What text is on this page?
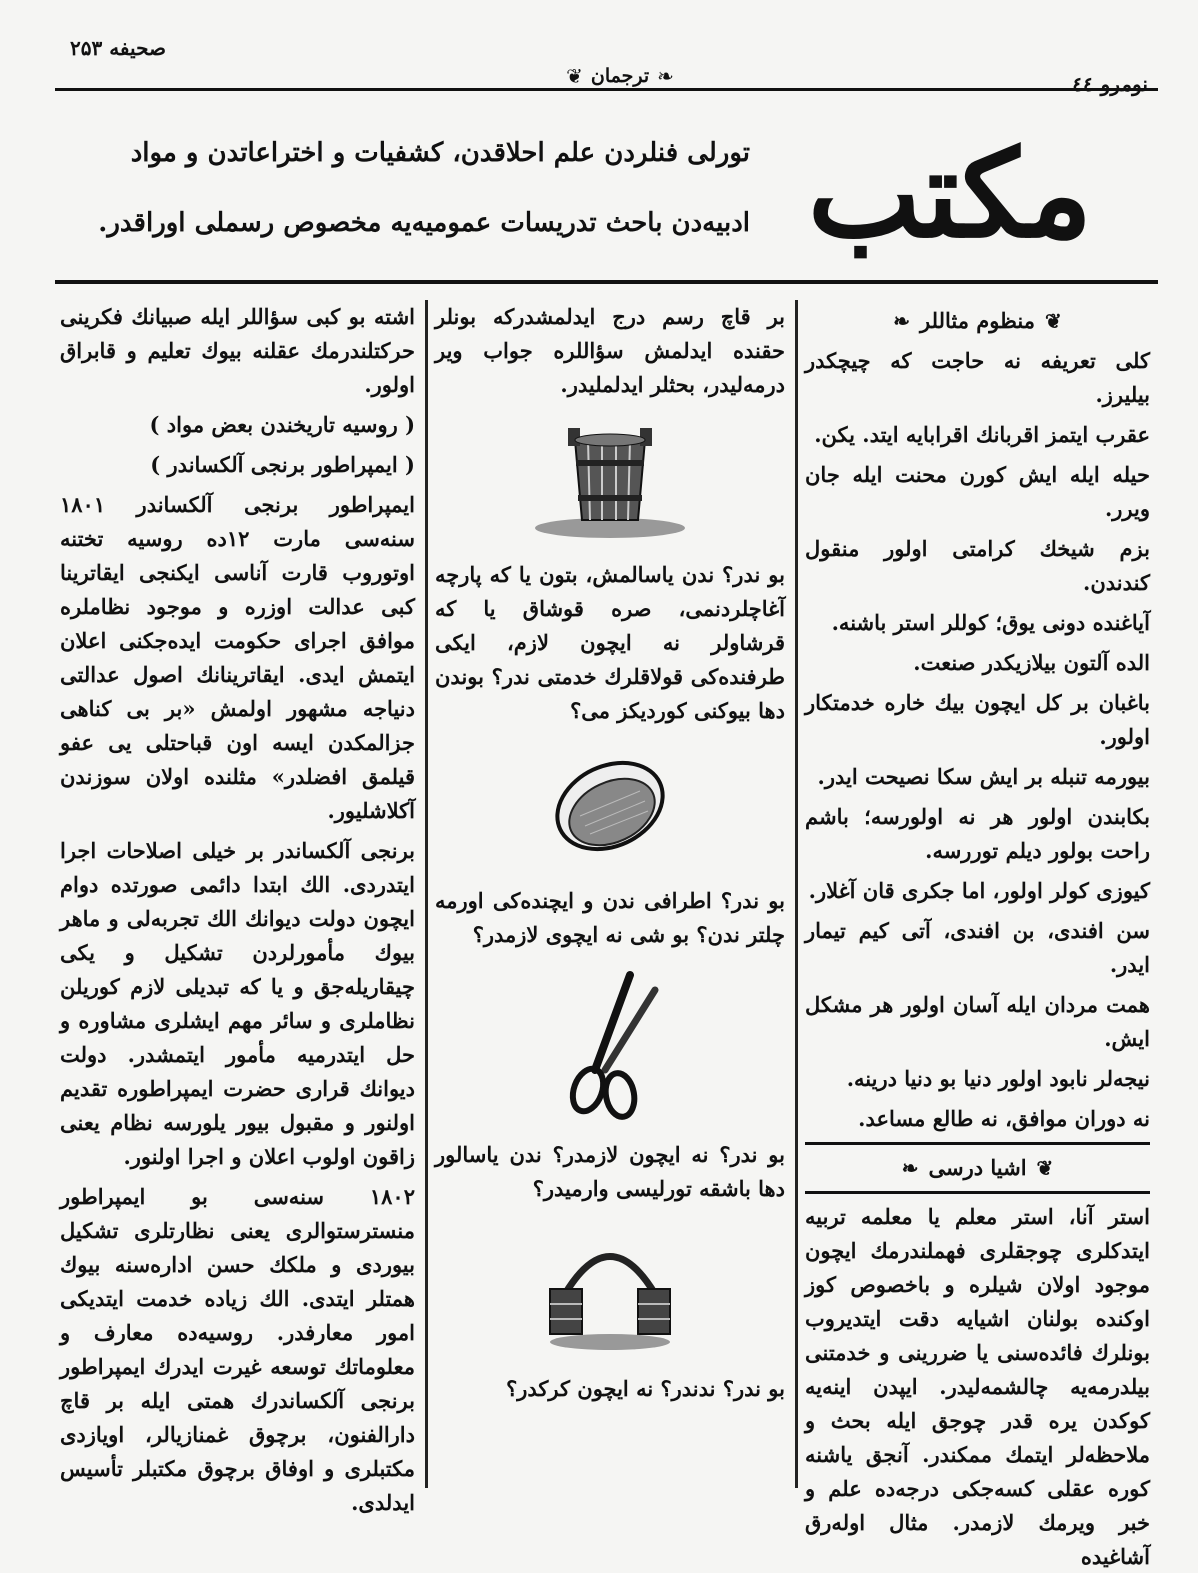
صحیفه ۲۵۳
❦ ترجمان ❧	نومرو ٤٤
مكتب
تورلی فنلردن علم احلاقدن، کشفیات و اختراعاتدن و مواد
ادبیه‌دن باحث تدریسات عمومیه‌یه مخصوص رسملی اوراقدر.
❦
منظوم مثاللر
❧

کلی تعریفه نه حاجت که چیچکدر بیلیرز.

عقرب ایتمز اقربانك اقرابایه ایتد. یکن.

حیله ایله ایش کورن محنت ایله جان ویرر.

بزم شیخك کرامتی اولور منقول کندندن.

آیاغنده دونی یوق؛ کوللر استر باشنه.

الده آلتون بیلازیکدر صنعت.

باغبان بر کل ایچون بیك خاره خدمتکار اولور.

بیورمه تنبله بر ایش سکا نصیحت ایدر.

بکابندن اولور هر نه اولورسه؛ باشم راحت بولور دیلم توررسه.

کیوزی کولر اولور، اما جکری قان آغلار.

سن افندی، بن افندی، آتی کیم تیمار ایدر.

همت مردان ایله آسان اولور هر مشکل ایش.

نیجه‌لر نابود اولور دنیا بو دنیا درینه.

نه دوران موافق، نه طالع مساعد.

❦
اشیا درسی
❧

استر آنا، استر معلم یا معلمه تربیه ایتدکلری چوجقلری فهملندرمك ایچون موجود اولان شیلره و باخصوص کوز اوکنده بولنان اشیایه دقت ایتدیروب بونلرك فائده‌سنی یا ضررینی و خدمتنی بیلدرمه‌یه چالشمه‌لیدر. ایپدن اینه‌یه کوکدن یره قدر چوجق ایله بحث و ملاحظه‌لر ایتمك ممکندر. آنجق یاشنه کوره عقلی کسه‌جکی درجه‌ده علم و خبر ویرمك لازمدر. مثال اوله‌رق آشاغیده

بر قاچ رسم درج ایدلمشدرکه بونلر حقنده ایدلمش سؤاللره جواب ویر درمه‌لیدر، بحثلر ایدلملیدر.

بو ندر؟ ندن یاسالمش، بتون یا که پارچه آغاچلردنمی، صره قوشاق یا که قرشاولر نه ایچون لازم، ایکی طرفنده‌کی قولاقلرك خدمتی ندر؟ بوندن دها بیوکنی کوردیکز می؟

بو ندر؟ اطرافی ندن و ایچنده‌کی اورمه چلتر ندن؟ بو شی نه ایچوی لازمدر؟

بو ندر؟ نه ایچون لازمدر؟ ندن یاسالور دها باشقه تورلیسی وارمیدر؟

بو ندر؟ ندندر؟ نه ایچون کرکدر؟

اشته بو کبی سؤاللر ایله صبیانك فکرینی حرکتلندرمك عقلنه بیوك تعلیم و قابراق اولور.

( روسیه تاریخندن بعض مواد )

( ایمپراطور برنجی آلکساندر )

ایمپراطور برنجی آلکساندر ۱۸۰۱ سنه‌سی مارت ۱۲ده روسیه تختنه اوتوروب قارت آناسی ایکنجی ایقاترینا کبی عدالت اوزره و موجود نظاملره موافق اجرای حکومت ایده‌جکنی اعلان ایتمش ایدی. ایقاترینانك اصول عدالتی دنیاجه مشهور اولمش «بر بی کناهی جزالمكدن ایسه اون قباحتلی یی عفو قیلمق افضلدر» مثلنده اولان سوزندن آکلاشلیور.

برنجی آلکساندر بر خیلی اصلاحات اجرا ایتدردی. الك ابتدا دائمی صورتده دوام ایچون دولت دیوانك الك تجربه‌لی و ماهر بیوك مأمورلردن تشکیل و یکی چیقاریله‌جق و یا که تبدیلی لازم کوریلن نظاملری و سائر مهم ایشلری مشاوره و حل ایتدرمیه مأمور ایتمشدر. دولت دیوانك قراری حضرت ایمپراطوره تقدیم اولنور و مقبول بیور یلورسه نظام یعنی زاقون اولوب اعلان و اجرا اولنور.

۱۸۰۲ سنه‌سی بو ایمپراطور منسترستوالری یعنی نظارتلری تشکیل بیوردی و ملکك حسن اداره‌سنه بیوك همتلر ایتدی. الك زیاده خدمت ایتدیکی امور معارفدر. روسیه‌ده معارف و معلوماتك توسعه غیرت ایدرك ایمپراطور برنجی آلکساندرك همتی ایله بر قاچ دارالفنون، برچوق غمنازیالر، اویازدی مکتبلری و اوفاق برچوق مکتبلر تأسیس ایدلدی.
